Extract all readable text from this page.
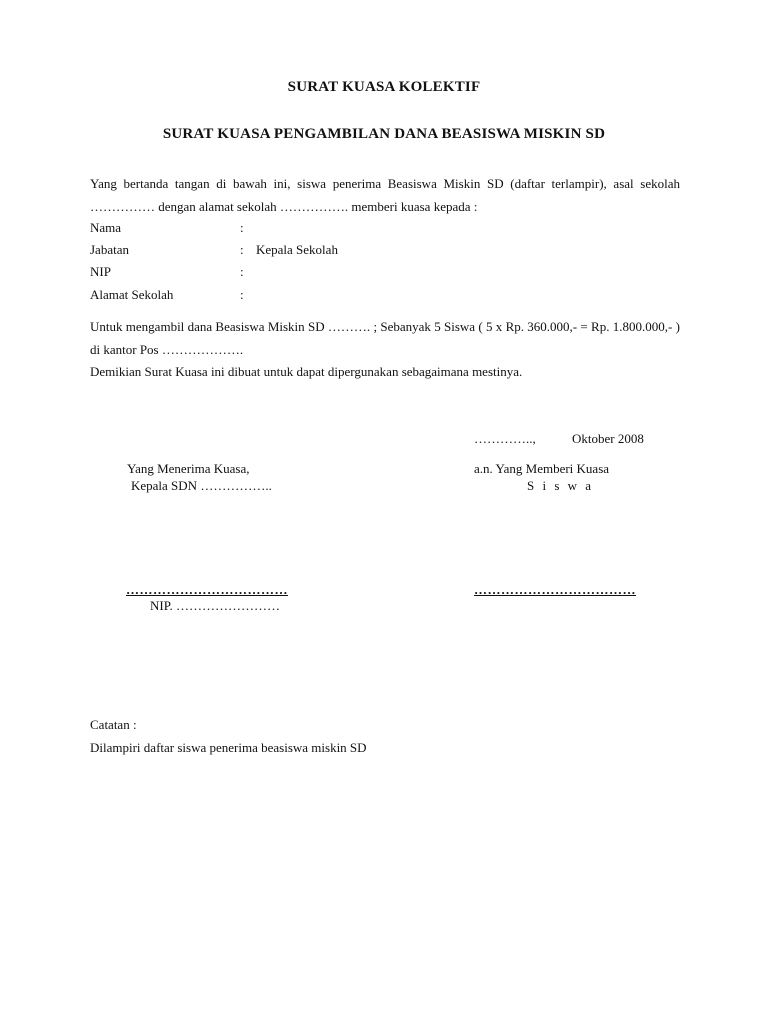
SURAT KUASA KOLEKTIF
SURAT KUASA PENGAMBILAN DANA BEASISWA MISKIN SD
Yang bertanda tangan di bawah ini, siswa penerima Beasiswa Miskin SD (daftar terlampir), asal sekolah …………… dengan alamat sekolah ……………. memberi kuasa kepada :
Nama	:
Jabatan	: Kepala Sekolah
NIP	:
Alamat Sekolah	:
Untuk mengambil dana Beasiswa Miskin SD ………. ; Sebanyak 5 Siswa ( 5 x Rp. 360.000,- = Rp. 1.800.000,- ) di kantor Pos ……………….
Demikian Surat Kuasa ini dibuat untuk dapat dipergunakan sebagaimana mestinya.
…………..,	Oktober 2008
Yang Menerima Kuasa,
Kepala SDN ……………..
a.n. Yang Memberi Kuasa
S i s w a
………………………………	………………………………
NIP. ……………………
Catatan :
Dilampiri daftar siswa penerima beasiswa miskin SD
